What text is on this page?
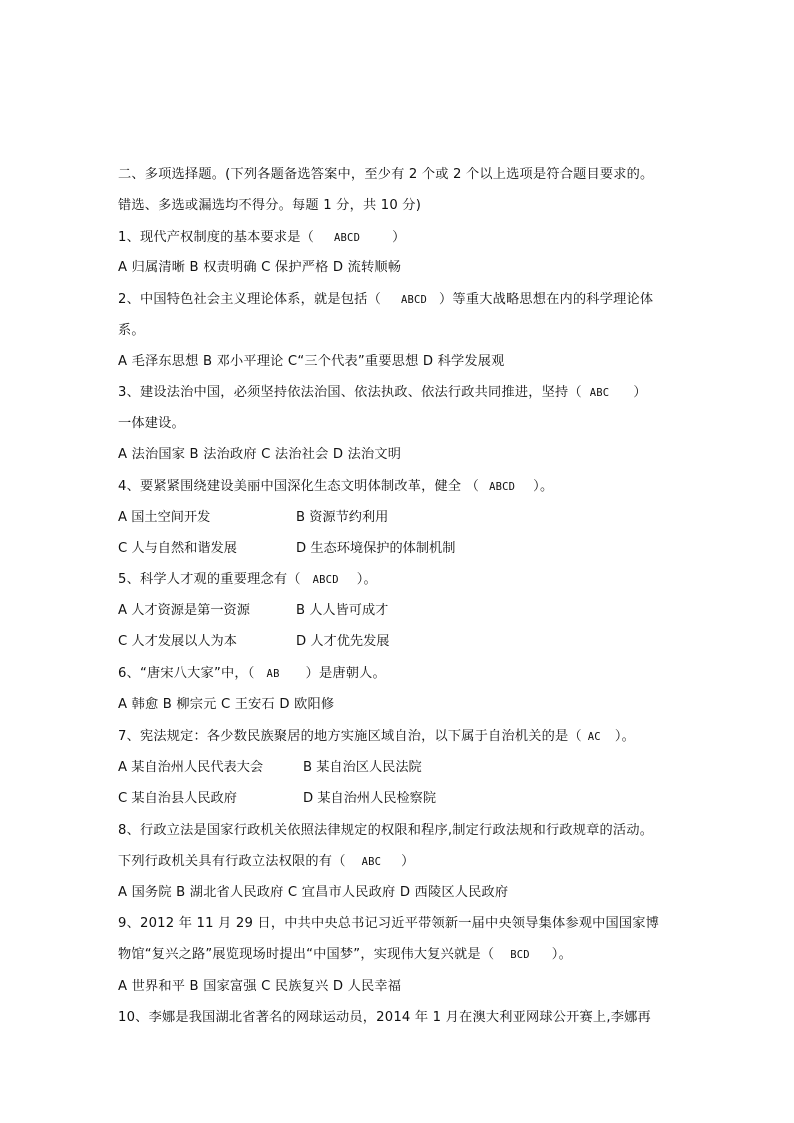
二、多项选择题。(下列各题备选答案中，至少有 2 个或 2 个以上选项是符合题目要求的。
错选、多选或漏选均不得分。每题 1 分，共 10 分)
1、现代产权制度的基本要求是（ ABCD ）
A 归属清晰 B 权责明确 C 保护严格 D 流转顺畅
2、中国特色社会主义理论体系，就是包括（ ABCD ）等重大战略思想在内的科学理论体
系。
A 毛泽东思想 B 邓小平理论 C“三个代表”重要思想 D 科学发展观
3、建设法治中国，必须坚持依法治国、依法执政、依法行政共同推进，坚持（ ABC ）
一体建设。
A 法治国家 B 法治政府 C 法治社会 D 法治文明
4、要紧紧围绕建设美丽中国深化生态文明体制改革，健全 （ ABCD ）。
A 国土空间开发	B 资源节约利用
C 人与自然和谐发展	D 生态环境保护的体制机制
5、科学人才观的重要理念有（ ABCD ）。
A 人才资源是第一资源	B 人人皆可成才
C 人才发展以人为本	D 人才优先发展
6、“唐宋八大家”中，（ AB ）是唐朝人。
A 韩愈 B 柳宗元 C 王安石 D 欧阳修
7、宪法规定：各少数民族聚居的地方实施区域自治，以下属于自治机关的是（ AC ）。
A 某自治州人民代表大会	B 某自治区人民法院
C 某自治县人民政府	D 某自治州人民检察院
8、行政立法是国家行政机关依照法律规定的权限和程序,制定行政法规和行政规章的活动。
下列行政机关具有行政立法权限的有（ ABC ）
A 国务院 B 湖北省人民政府 C 宜昌市人民政府 D 西陵区人民政府
9、2012 年 11 月 29 日，中共中央总书记习近平带领新一届中央领导集体参观中国国家博
物馆“复兴之路”展览现场时提出“中国梦”，实现伟大复兴就是（ BCD ）。
A 世界和平 B 国家富强 C 民族复兴 D 人民幸福
10、李娜是我国湖北省著名的网球运动员，2014 年 1 月在澳大利亚网球公开赛上,李娜再
